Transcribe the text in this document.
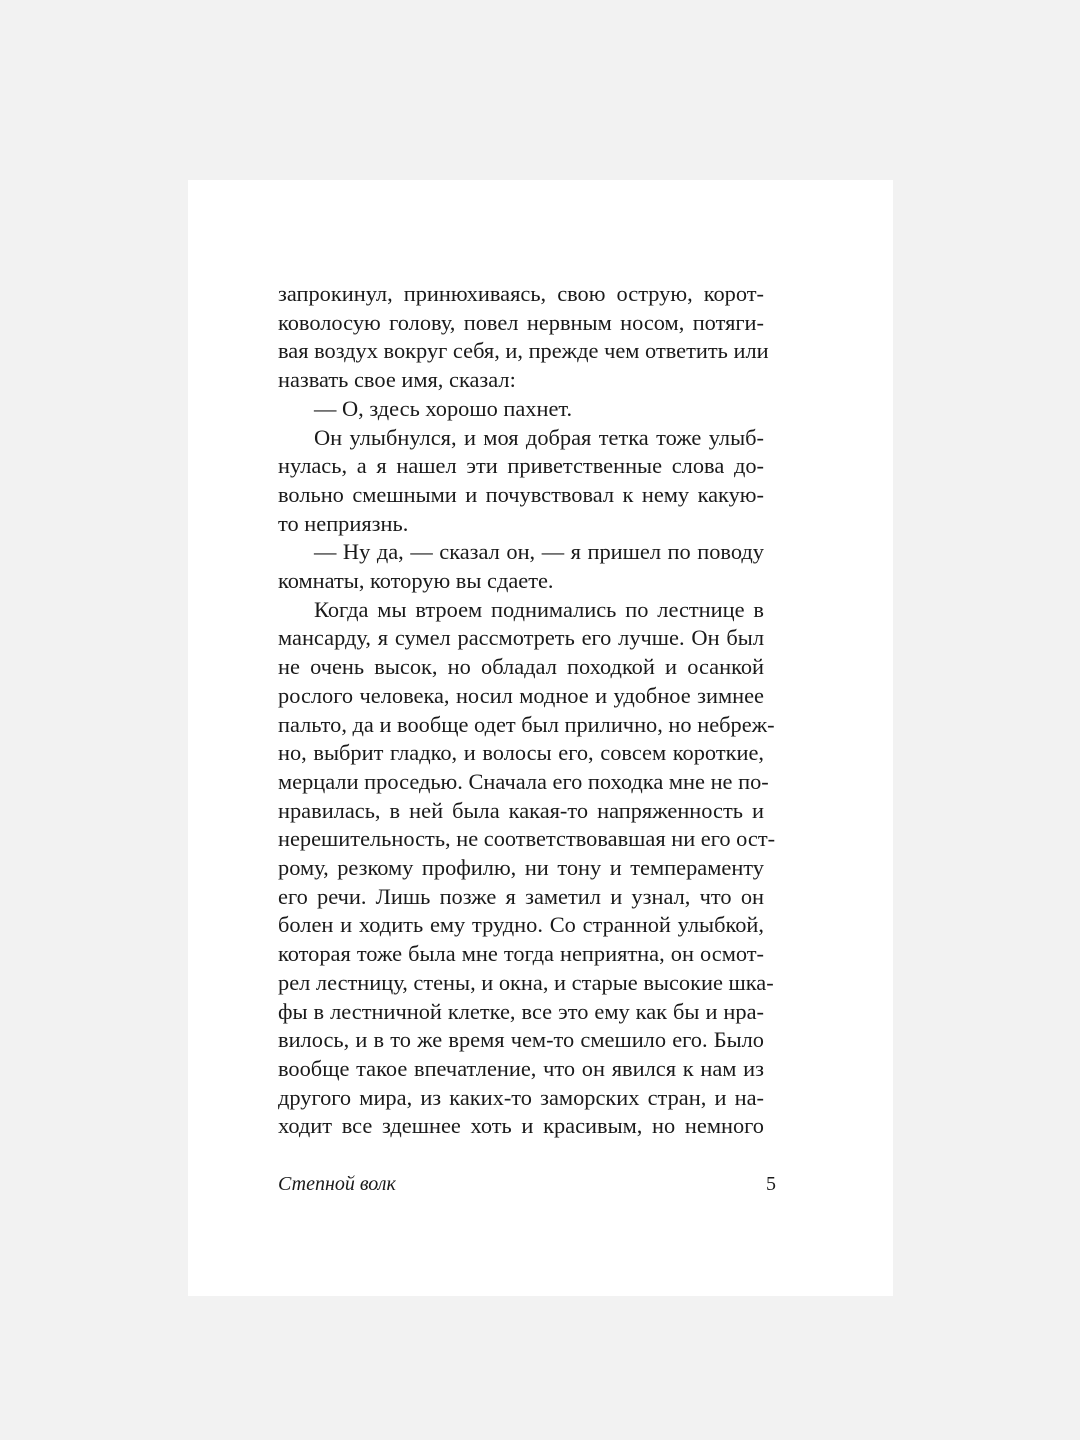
запрокинул, принюхиваясь, свою острую, корот-
коволосую голову, повел нервным носом, потяги-
вая воздух вокруг себя, и, прежде чем ответить или
назвать свое имя, сказал:
— О, здесь хорошо пахнет.
Он улыбнулся, и моя добрая тетка тоже улыб-
нулась, а я нашел эти приветственные слова до-
вольно смешными и почувствовал к нему какую-
то неприязнь.
— Ну да, — сказал он, — я пришел по поводу
комнаты, которую вы сдаете.
Когда мы втроем поднимались по лестнице в
мансарду, я сумел рассмотреть его лучше. Он был
не очень высок, но обладал походкой и осанкой
рослого человека, носил модное и удобное зимнее
пальто, да и вообще одет был прилично, но небреж-
но, выбрит гладко, и волосы его, совсем короткие,
мерцали проседью. Сначала его походка мне не по-
нравилась, в ней была какая-то напряженность и
нерешительность, не соответствовавшая ни его ост-
рому, резкому профилю, ни тону и темпераменту
его речи. Лишь позже я заметил и узнал, что он
болен и ходить ему трудно. Со странной улыбкой,
которая тоже была мне тогда неприятна, он осмот-
рел лестницу, стены, и окна, и старые высокие шка-
фы в лестничной клетке, все это ему как бы и нра-
вилось, и в то же время чем-то смешило его. Было
вообще такое впечатление, что он явился к нам из
другого мира, из каких-то заморских стран, и на-
ходит все здешнее хоть и красивым, но немного
Степной волк	5
